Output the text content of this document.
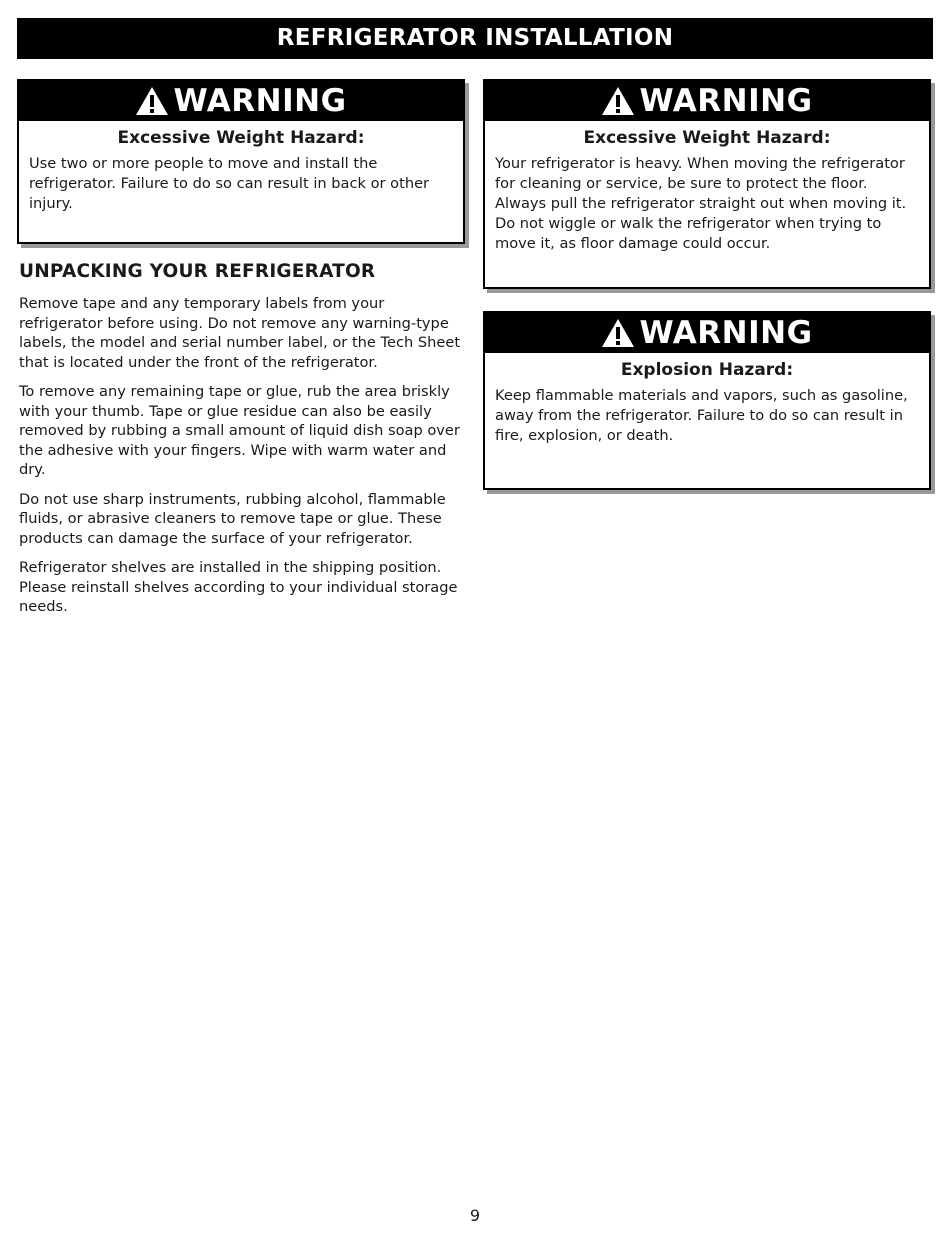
REFRIGERATOR INSTALLATION
WARNING
Excessive Weight Hazard:
Use two or more people to move and install the refrigerator. Failure to do so can result in back or other injury.
WARNING
Excessive Weight Hazard:
Your refrigerator is heavy. When moving the refrigerator for cleaning or service, be sure to protect the floor. Always pull the refrigerator straight out when moving it. Do not wiggle or walk the refrigerator when trying to move it, as floor damage could occur.
WARNING
Explosion Hazard:
Keep flammable materials and vapors, such as gasoline, away from the refrigerator. Failure to do so can result in fire, explosion, or death.
UNPACKING YOUR REFRIGERATOR

Remove tape and any temporary labels from your refrigerator before using. Do not remove any warning-type labels, the model and serial number label, or the Tech Sheet that is located under the front of the refrigerator.

To remove any remaining tape or glue, rub the area briskly with your thumb. Tape or glue residue can also be easily removed by rubbing a small amount of liquid dish soap over the adhesive with your fingers. Wipe with warm water and dry.

Do not use sharp instruments, rubbing alcohol, flammable fluids, or abrasive cleaners to remove tape or glue. These products can damage the surface of your refrigerator.

Refrigerator shelves are installed in the shipping position. Please reinstall shelves according to your individual storage needs.

9
